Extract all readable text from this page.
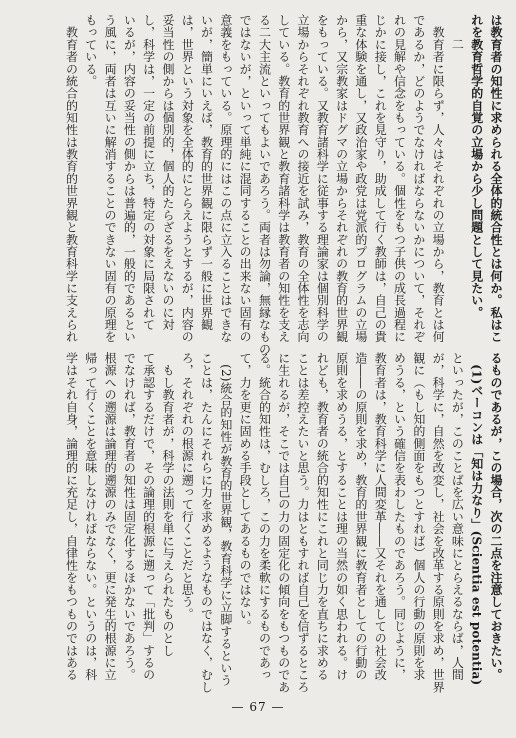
は教育者の知性に求められる全体的統合性とは何か。私はこ
れを教育哲学的自覚の立場から少し問題として見たい。
二
　教育者に限らず，人々はそれぞれの立場から，教育とは何
であるか，どのようでなければならないかについて，それぞ
れの見解や信念をもっている。個性をもつ子供の成長過程に
じかに接し，これを見守り，助成して行く教師は，自己の貴
重な体験を通し，又政治家や政党は党派的プログラムの立場
から，又宗教家はドグマの立場からそれぞれの教育的世界観
をもっている。又教育諸科学に従事する理論家は個別科学の
立場からそれぞれ教育への接近を試み，教育の全体性を志向
している。教育的世界観と教育諸科学は教育者の知性を支え
る二大主流といってもよいであろう。両者は勿論，無縁なもの
ではないが，といって単純に混同することの出来ない固有の
意義をもっている。原理的にはこの点に立入ることはできな
いが，簡単にいえば，教育的世界観に限らず一般に世界観
は，世界という対象を全体的にとらえようとするが，内容の
妥当性の側からは個別的，個人的たらざるをえないのに対
し，科学は，一定の前提に立ち，特定の対象に局限されて
いるが，内容の妥当性の側からは普遍的，一般的であるとい
う風に，両者は互いに解消することのできない固有の原理を
もっている。
　教育者の統合的知性は教育的世界観と教育科学に支えられ
るものであるが，この場合，次の二点を注意しておきたい。
　(1)ベーコンは「知は力なり」(Scientia est potentia)
といったが，このことばを広い意味にとらえるならば，人間
が，科学に，自然を改変し，社会を改革する原則を求め，世界
観に（もし知的側面をもつとすれば）個人の行動の原則を求
めうる，という確信を表わしたものであろう。同じように，
教育者は，教育科学に人間変革――又それを通しての社会改
造――の原則を求め，教育的世界観に教育者としての行動の
原則を求めうる，とすることは理の当然の如く思われる。け
れども，教育者の統合的知性にこれと同じ力を直ちに求める
ことは差控えたいと思う。力はともすれば自己を信ずるところ
に生れるが，そこでは自己の力の固定化の傾向をもつものであ
る。統合的知性は，むしろ，この力を柔軟にするものであっ
て，力を更に固める手段としてあるものではない。
　(2)統合的知性が教育的世界観，教育科学に立脚するという
ことは，たんにそれらに力を求めるようなものではなく，むし
ろ，それぞれの根源に遡って行くことだと思う。
　もし教育者が，科学の法則を単に与えられたものとし
て承認するだけで，その論理的根源に遡って「批判」するの
でなければ，教育者の知性は固定化するほかないであろう。
根源への遡源は論理的遡源のみでなく，更に発生的根源に立
帰って行くことを意味しなければならない。というのは，科
学はそれ自身，論理的に充足し，自律性をもつものではある
— 67 —
